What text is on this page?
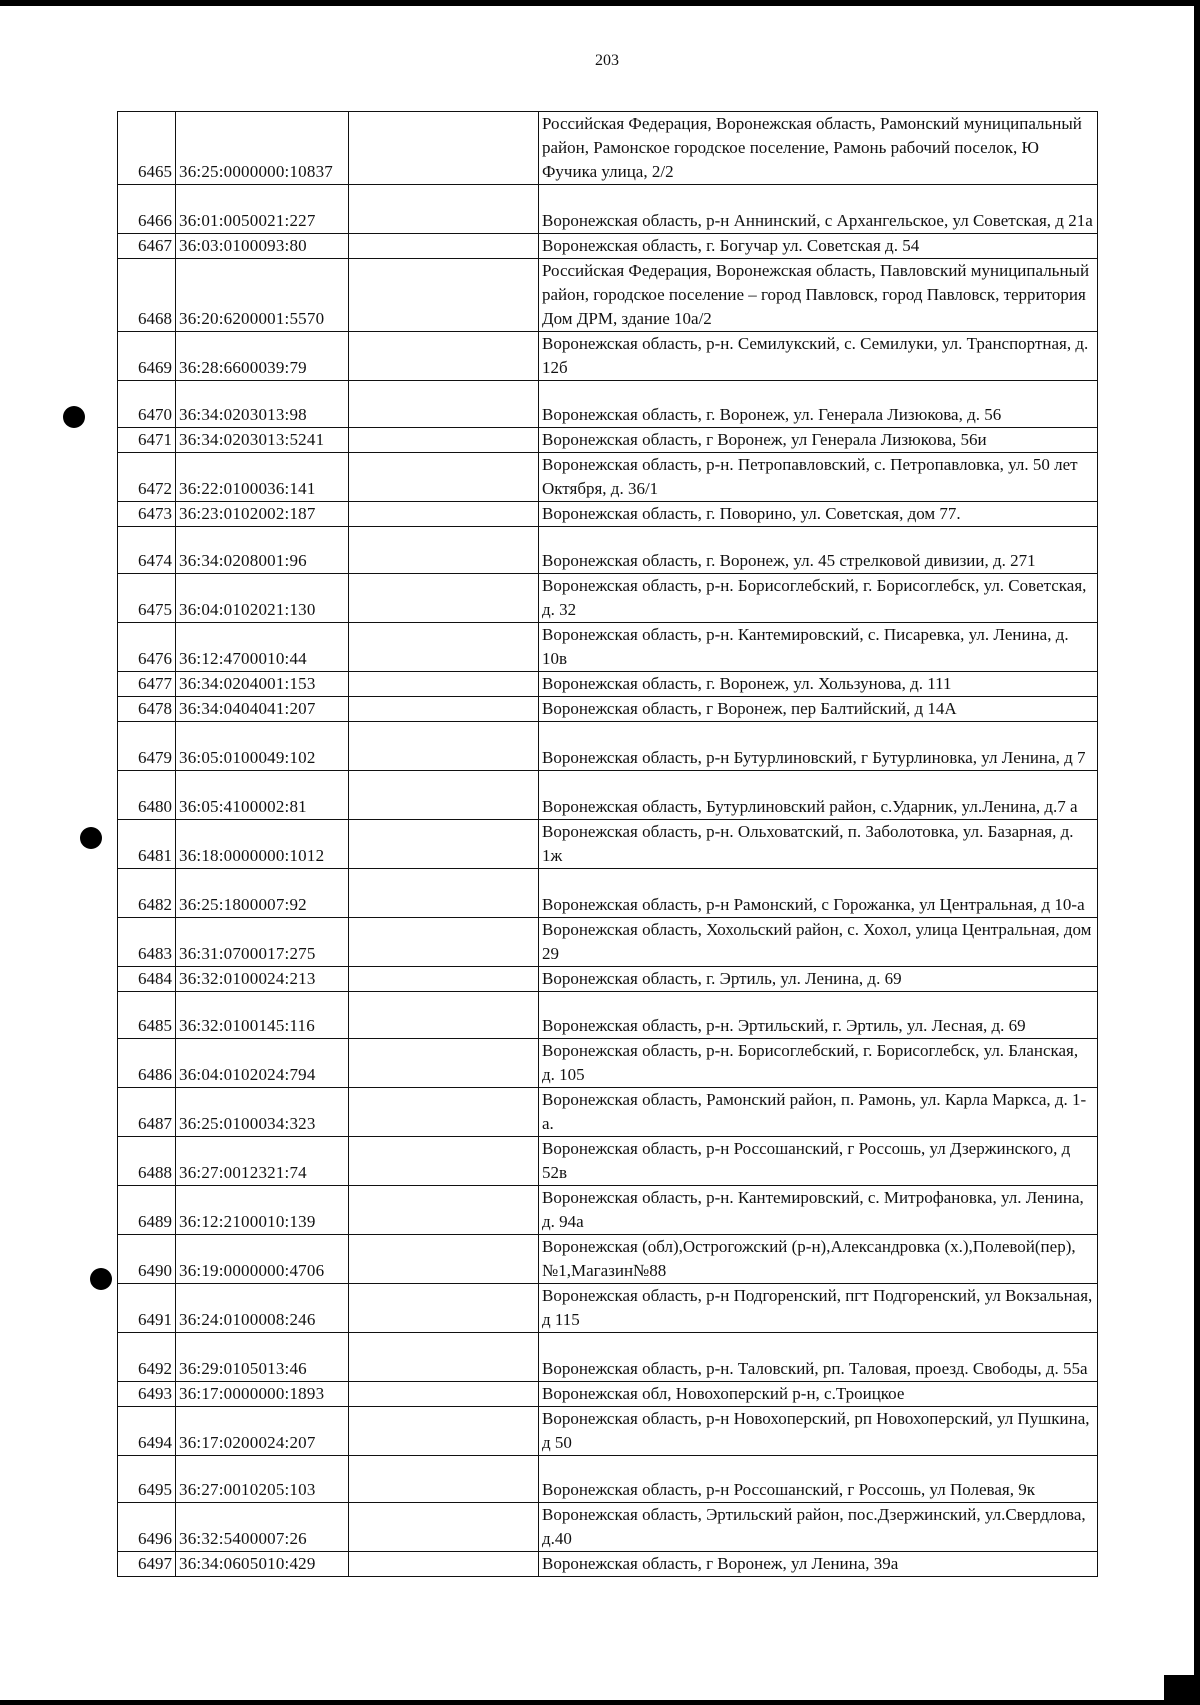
203
6465	36:25:0000000:10837		Российская Федерация, Воронежская область, Рамонский муниципальный район, Рамонское городское поселение, Рамонь рабочий поселок, Ю Фучика улица, 2/2
6466	36:01:0050021:227		Воронежская область, р-н Аннинский, с Архангельское, ул Советская, д 21а
6467	36:03:0100093:80		Воронежская область, г. Богучар ул. Советская д. 54
6468	36:20:6200001:5570		Российская Федерация, Воронежская область, Павловский муниципальный район, городское поселение – город Павловск, город Павловск, территория Дом ДРМ, здание 10а/2
6469	36:28:6600039:79		Воронежская область, р-н. Семилукский, с. Семилуки, ул. Транспортная, д. 12б
6470	36:34:0203013:98		Воронежская область, г. Воронеж, ул. Генерала Лизюкова, д. 56
6471	36:34:0203013:5241		Воронежская область, г Воронеж, ул Генерала Лизюкова, 56и
6472	36:22:0100036:141		Воронежская область, р-н. Петропавловский, с. Петропавловка, ул. 50 лет Октября, д. 36/1
6473	36:23:0102002:187		Воронежская область, г. Поворино, ул. Советская, дом 77.
6474	36:34:0208001:96		Воронежская область, г. Воронеж, ул. 45 стрелковой дивизии, д. 271
6475	36:04:0102021:130		Воронежская область, р-н. Борисоглебский, г. Борисоглебск, ул. Советская, д. 32
6476	36:12:4700010:44		Воронежская область, р-н. Кантемировский, с. Писаревка, ул. Ленина, д. 10в
6477	36:34:0204001:153		Воронежская область, г. Воронеж, ул. Хользунова, д. 111
6478	36:34:0404041:207		Воронежская область, г Воронеж, пер Балтийский, д 14А
6479	36:05:0100049:102		Воронежская область, р-н Бутурлиновский, г Бутурлиновка, ул Ленина, д 7
6480	36:05:4100002:81		Воронежская область, Бутурлиновский район, с.Ударник, ул.Ленина, д.7 а
6481	36:18:0000000:1012		Воронежская область, р-н. Ольховатский, п. Заболотовка, ул. Базарная, д. 1ж
6482	36:25:1800007:92		Воронежская область, р-н Рамонский, с Горожанка, ул Центральная, д 10-а
6483	36:31:0700017:275		Воронежская область, Хохольский район, с. Хохол, улица Центральная, дом 29
6484	36:32:0100024:213		Воронежская область, г. Эртиль, ул. Ленина, д. 69
6485	36:32:0100145:116		Воронежская область, р-н. Эртильский, г. Эртиль, ул. Лесная, д. 69
6486	36:04:0102024:794		Воронежская область, р-н. Борисоглебский, г. Борисоглебск, ул. Бланская, д. 105
6487	36:25:0100034:323		Воронежская область, Рамонский район, п. Рамонь, ул. Карла Маркса, д. 1-а.
6488	36:27:0012321:74		Воронежская область, р-н Россошанский, г Россошь, ул Дзержинского, д 52в
6489	36:12:2100010:139		Воронежская область, р-н. Кантемировский, с. Митрофановка, ул. Ленина, д. 94а
6490	36:19:0000000:4706		Воронежская (обл),Острогожский (р-н),Александровка (х.),Полевой(пер),№1,Магазин№88
6491	36:24:0100008:246		Воронежская область, р-н Подгоренский, пгт Подгоренский, ул Вокзальная, д 115
6492	36:29:0105013:46		Воронежская область, р-н. Таловский, рп. Таловая, проезд. Свободы, д. 55а
6493	36:17:0000000:1893		Воронежская обл, Новохоперский р-н, с.Троицкое
6494	36:17:0200024:207		Воронежская область, р-н Новохоперский, рп Новохоперский, ул Пушкина, д 50
6495	36:27:0010205:103		Воронежская область, р-н Россошанский, г Россошь, ул Полевая, 9к
6496	36:32:5400007:26		Воронежская область, Эртильский район, пос.Дзержинский, ул.Свердлова, д.40
6497	36:34:0605010:429		Воронежская область, г Воронеж, ул Ленина, 39а
